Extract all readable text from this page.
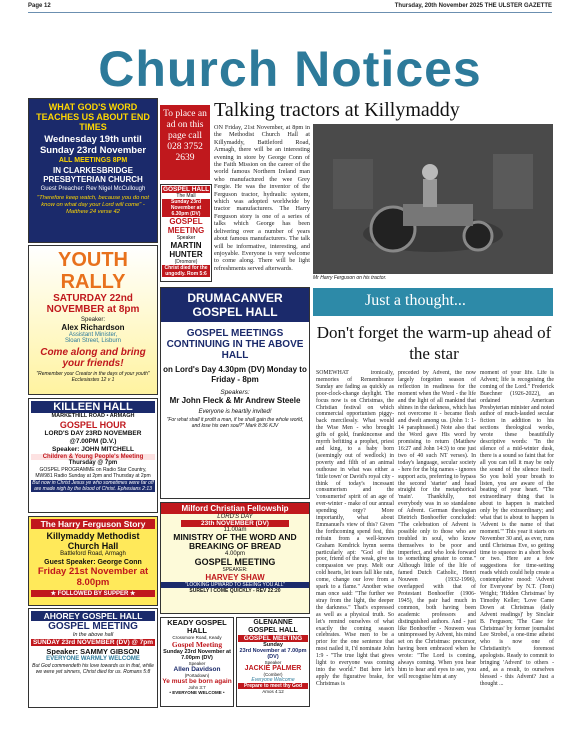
Page 12	Thursday, 20th November 2025 THE ULSTER GAZETTE
Church Notices
WHAT GOD'S WORD TEACHES US ABOUT END TIMES
Wednesday 19th until Sunday 23rd November
ALL MEETINGS 8PM
IN CLARKESBRIDGE PRESBYTERIAN CHURCH
Guest Preacher: Rev Nigel McCullough
"Therefore keep watch, because you do not know on what day your Lord will come" - Matthew 24 verse 42
YOUTH RALLY
SATURDAY 22nd NOVEMBER at 8pm
Speaker:
Alex Richardson
Assistant Minister,
Sloan Street, Lisburn
Come along and bring your friends!
"Remember your Creator in the days of your youth" Ecclesiastes 12 v 1
KILLEEN HALL
MARKETHILL ROAD • ARMAGH
GOSPEL HOUR
LORD'S DAY 23RD NOVEMBER @7.00PM (D.V.)
Speaker: JOHN MITCHELL
Children & Young People's Meeting
Thursday @ 7pm
GOSPEL PROGRAMME on Radio Star Country, MW981 Radio Sunday at 2pm and Thursday at 2pm
But now in Christ Jesus ye who sometimes were far off are made nigh by the blood of Christ. Ephesians 2:13
The Harry Ferguson Story
Killymaddy Methodist Church Hall
Battleford Road, Armagh
Guest Speaker: George Conn
Friday 21st November at 8.00pm
★ FOLLOWED BY SUPPER ★
AHOREY GOSPEL HALL
GOSPEL MEETING
In the above hall
SUNDAY 23rd NOVEMBER (DV) @ 7pm
Speaker: SAMMY GIBSON
EVERYONE WARMLY WELCOME
But God commendeth his love towards us in that, while we were yet sinners, Christ died for us. Romans 5:8
To place an ad on this page call 028 3752 2639
GOSPEL HALL
The Mall
Sunday 23rd November at 6.30pm (DV)
GOSPEL MEETING
Speaker
MARTIN HUNTER
(Dromore)
Christ died for the ungodly. Rom 5:6
Talking tractors at Killymaddy
ON Friday, 21st November, at 8pm in the Methodist Church Hall at Killymaddy, Battleford Road, Armagh, there will be an interesting evening in store by George Conn of the Faith Mission on the career of the world famous Northern Ireland man who manufactured the wee Grey Fergie. He was the inventor of the Ferguson tractor, hydraulic system, which was adopted worldwide by tractor manufacturers. The Harry Ferguson story is one of a series of talks which George has been delivering over a number of years about famous manufacturers. The talk will be informative, interesting, and enjoyable. Everyone is very welcome to come along. There will be light refreshments served afterwards.
Mr Harry Ferguson on his tractor.
DRUMACANVER GOSPEL HALL
GOSPEL MEETINGS CONTINUING IN THE ABOVE HALL
on Lord's Day 4.30pm (DV) Monday to Friday - 8pm
Speakers:
Mr John Fleck & Mr Andrew Steele
Everyone is heartily invited!
"For what shall it profit a man, if he shall gain the whole world, and lose his own soul?" Mark 8:36 KJV
Milford Christian Fellowship
LORD'S DAY
23th NOVEMBER (DV)
11.00am
MINISTRY OF THE WORD AND BREAKING OF BREAD
4.00pm
GOSPEL MEETING
SPEAKER:
HARVEY SHAW
"LOOKING UPWARD TO SEEING YOU ALL"
SURELY I COME QUICKLY - REV 22:20
KEADY GOSPEL HALL
Crossmore Road, Keady
Gospel Meeting
Sunday 23rd November at 7.00pm (DV)
Speaker
Allen Davidson
(Portadown)
Ye must be born again
John 3:7
• EVERYONE WELCOME •
GLENANNE GOSPEL HALL
GOSPEL MEETING
Sunday
23rd November at 7.00pm (DV)
Speaker
JACKIE PALMER
(Comber)
Everyone Welcome
Prepare to meet thy God
Amos 4:12
Just a thought...
Don't forget the warm-up ahead of the star
SOMEWHAT ironically, memories of Remembrance Sunday are fading as quickly as poor-clock-change daylight. The focus now is on Christmas, the Christian festival on which commercial opportunism piggy-back mercilessly. What would the Wise Men - who brought gifts of gold, frankincense and myrrh befitting a prophet, priest and king, to a baby born (seemingly out of wedlock) in poverty and filth of an animal outhouse in what was either a 'little town' or David's royal city - think of today's incessant consumerism and the 'consumerist' spirit of an age of ever-winter - make of our annual spending orgy? More importantly, what about Emmanuel's view of this? Given the forthcoming spend fest, this refrain from a well-known Graham Kendrick hymn seems particularly apt: "God of the poor, friend of the weak, give us compassion we pray. Melt our cold hearts, let tears fall like rain, come, change our love from a spark to a flame." Another wise man once said: "The further we stray from the light, the deeper the darkness." That's expressed as well as a physical truth. So let's remind ourselves of what exactly the coming season celebrates. Wise men to be a prior for the one sentence that most nailed it, I'd nominate John 1:9 - "The true light that gives light to everyone was coming into the world." But here let's apply the figurative brake, for Christmas is
preceded by Advent, the now largely forgotten season of reflection in readiness for the moment when the Word - the life and the light of all mankind that shines in the darkness, which has not overcome it - became flesh and dwelt among us. (John 1: 1-14 paraphrased.) Note also that the Word gave His word by promising to return (Matthew 16:27 and John 14:3) to one just two of 40 such NT verses). In today's language, secular society - here for the big names - ignores support acts, preferring to bypass the second 'starter' and head straight for the metaphorical 'main'. Thankfully, not everybody was in so standalone of Advent. German theologian Dietrich Bonhoeffer concluded: "The celebration of Advent is possible only to those who are troubled in soul, who know themselves to be poor and imperfect, and who look forward to something greater to come." Although little of the life of famed Dutch Catholic, Henri Nouwen (1932-1996), overlapped with that of Protestant Bonhoeffer (1906-1945), the pair had much in common, both having been academic professors and distinguished authors. And - just like Bonhoeffer - Nouwen was unimpressed by Advent, his mind set on the Christmas: precursor, having been embraced when he wrote: "The Lord is coming, always coming. When you hear him to hear and eyes to see, you will recognise him at any
moment of your life. Life is Advent; life is recognising the coming of the Lord." Frederick Buechner (1926-2022), an ordained American Presbyterian minister and noted author of much-lauded secular fiction in addition to his sections theological works, wrote these beautifully descriptive words: "In the silence of a mid-winter dusk, there is a sound so faint that for all you can tell it may be only the sound of the silence itself. So you hold your breath to listen, you are aware of the beating of your heart. "The extraordinary thing that is about to happen is matched only by the extraordinary; and what that is about to happen is 'Advent is the name of that moment.'" This year it starts on November 30 and, as ever, runs until Christmas Eve, so getting time to squeeze in a short book or two. Here are a few suggestions for time-setting reads which could help create a contemplative mood: 'Advent for Everyone' by N.T. (Tom) Wright; 'Hidden Christmas' by Timothy Keller; 'Love Came Down at Christmas (daily Advent readings)' by Sinclair B. Ferguson; 'The Case for Christmas' by former journalist Lee Strobel, a one-time atheist who is now one of Christianity's foremost apologists. Ready to commit to bringing 'Advent' to others - and, as a result, to ourselves blessed - this Advent? Just a thought ...
